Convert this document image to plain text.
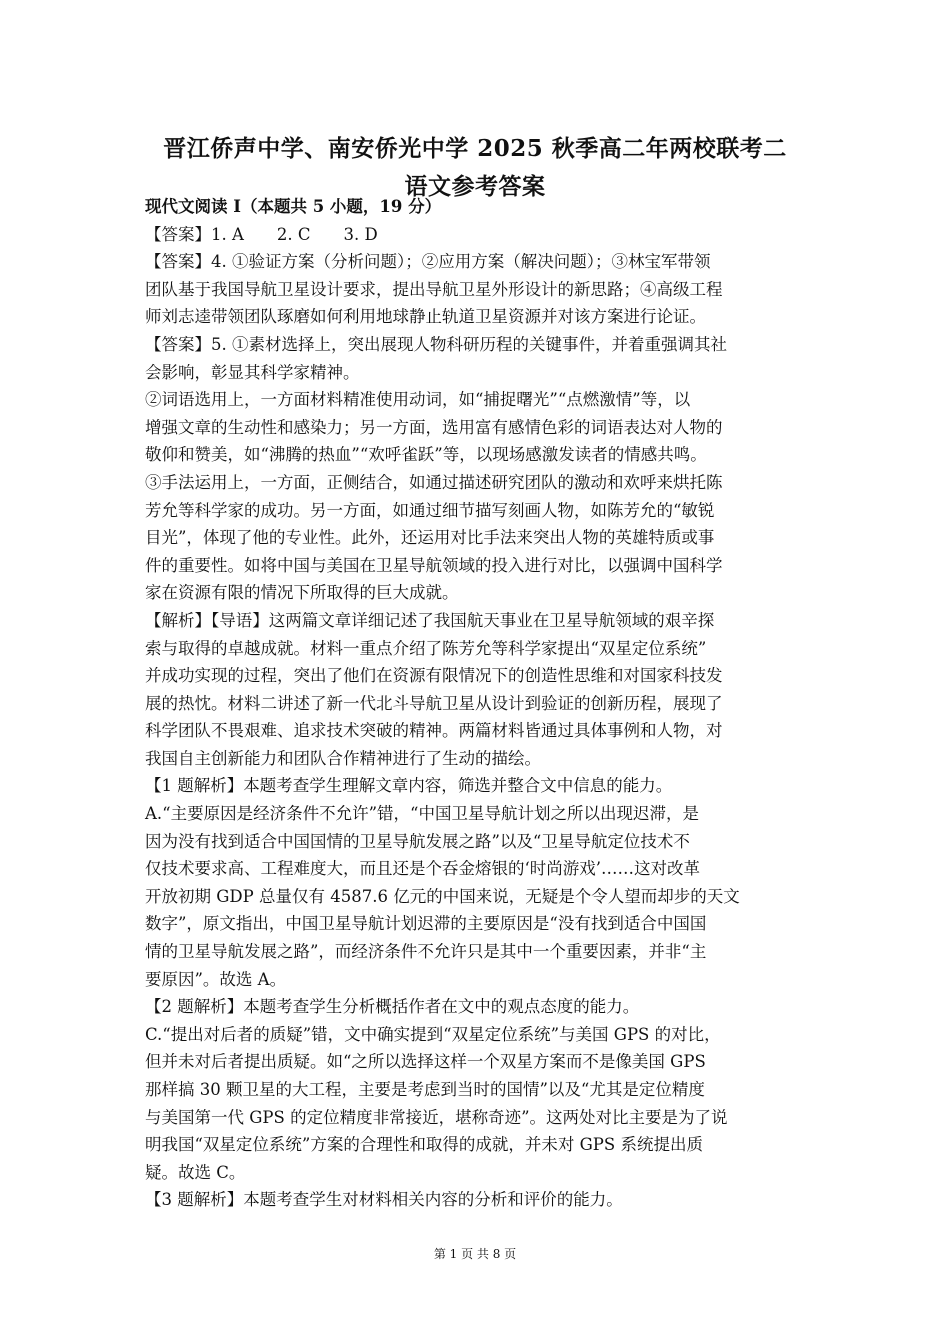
晋江侨声中学、南安侨光中学 2025 秋季高二年两校联考二
语文参考答案
现代文阅读 I（本题共 5 小题，19 分）
【答案】1. A　　2. C　　3. D
【答案】4. ①验证方案（分析问题）；②应用方案（解决问题）；③林宝军带领
团队基于我国导航卫星设计要求，提出导航卫星外形设计的新思路；④高级工程
师刘志逵带领团队琢磨如何利用地球静止轨道卫星资源并对该方案进行论证。
【答案】5. ①素材选择上，突出展现人物科研历程的关键事件，并着重强调其社
会影响，彰显其科学家精神。
②词语选用上，一方面材料精准使用动词，如“捕捉曙光”“点燃激情”等，以
增强文章的生动性和感染力；另一方面，选用富有感情色彩的词语表达对人物的
敬仰和赞美，如“沸腾的热血”“欢呼雀跃”等，以现场感激发读者的情感共鸣。
③手法运用上，一方面，正侧结合，如通过描述研究团队的激动和欢呼来烘托陈
芳允等科学家的成功。另一方面，如通过细节描写刻画人物，如陈芳允的“敏锐
目光”，体现了他的专业性。此外，还运用对比手法来突出人物的英雄特质或事
件的重要性。如将中国与美国在卫星导航领域的投入进行对比，以强调中国科学
家在资源有限的情况下所取得的巨大成就。
【解析】【导语】这两篇文章详细记述了我国航天事业在卫星导航领域的艰辛探
索与取得的卓越成就。材料一重点介绍了陈芳允等科学家提出“双星定位系统”
并成功实现的过程，突出了他们在资源有限情况下的创造性思维和对国家科技发
展的热忱。材料二讲述了新一代北斗导航卫星从设计到验证的创新历程，展现了
科学团队不畏艰难、追求技术突破的精神。两篇材料皆通过具体事例和人物，对
我国自主创新能力和团队合作精神进行了生动的描绘。
【1 题解析】本题考查学生理解文章内容，筛选并整合文中信息的能力。
A.“主要原因是经济条件不允许”错，“中国卫星导航计划之所以出现迟滞，是
因为没有找到适合中国国情的卫星导航发展之路”以及“卫星导航定位技术不
仅技术要求高、工程难度大，而且还是个吞金熔银的‘时尚游戏’……这对改革
开放初期 GDP 总量仅有 4587.6 亿元的中国来说，无疑是个令人望而却步的天文
数字”，原文指出，中国卫星导航计划迟滞的主要原因是“没有找到适合中国国
情的卫星导航发展之路”，而经济条件不允许只是其中一个重要因素，并非“主
要原因”。故选 A。
【2 题解析】本题考查学生分析概括作者在文中的观点态度的能力。
C.“提出对后者的质疑”错，文中确实提到“双星定位系统”与美国 GPS 的对比，
但并未对后者提出质疑。如“之所以选择这样一个双星方案而不是像美国 GPS
那样搞 30 颗卫星的大工程，主要是考虑到当时的国情”以及“尤其是定位精度
与美国第一代 GPS 的定位精度非常接近，堪称奇迹”。这两处对比主要是为了说
明我国“双星定位系统”方案的合理性和取得的成就，并未对 GPS 系统提出质
疑。故选 C。
【3 题解析】本题考查学生对材料相关内容的分析和评价的能力。
第 1 页 共 8 页
